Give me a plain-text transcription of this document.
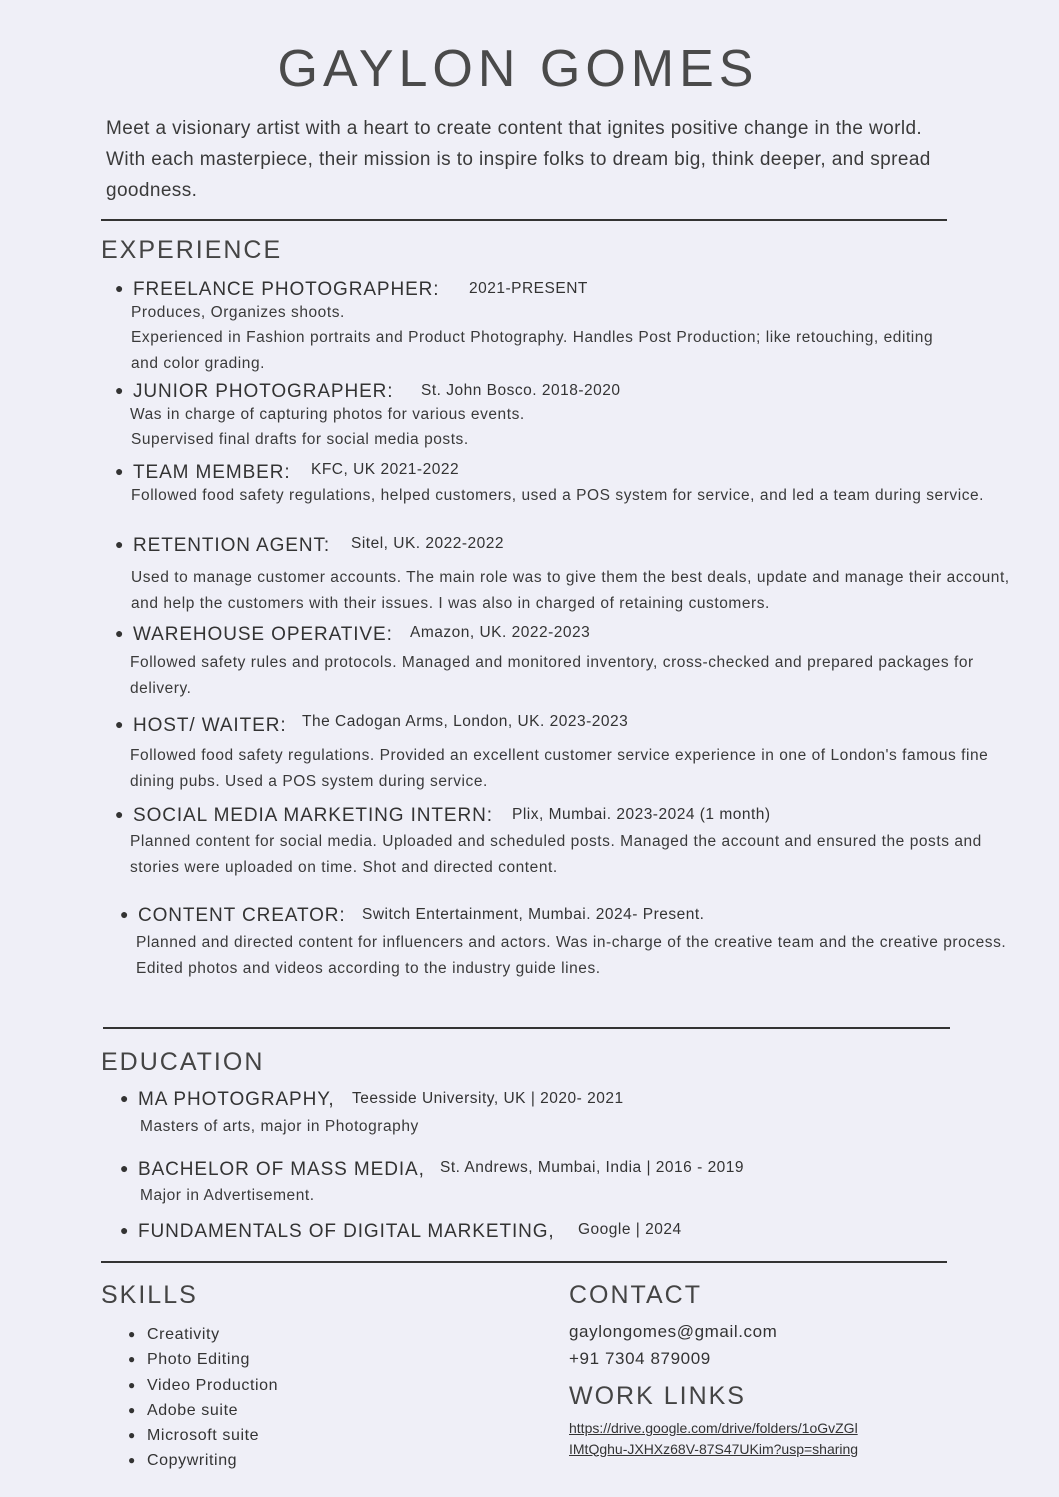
GAYLON GOMES
Meet a visionary artist with a heart to create content that ignites positive change in the world. With each masterpiece, their mission is to inspire folks to dream big, think deeper, and spread goodness.
EXPERIENCE
● FREELANCE PHOTOGRAPHER: 2021-PRESENT
Produces, Organizes shoots.
Experienced in Fashion portraits and Product Photography. Handles Post Production; like retouching, editing and color grading.
● JUNIOR PHOTOGRAPHER: St. John Bosco. 2018-2020
Was in charge of capturing photos for various events.
Supervised final drafts for social media posts.
● TEAM MEMBER: KFC, UK 2021-2022
Followed food safety regulations, helped customers, used a POS system for service, and led a team during service.
● RETENTION AGENT: Sitel, UK. 2022-2022
Used to manage customer accounts. The main role was to give them the best deals, update and manage their account, and help the customers with their issues. I was also in charged of retaining customers.
● WAREHOUSE OPERATIVE: Amazon, UK. 2022-2023
Followed safety rules and protocols. Managed and monitored inventory, cross-checked and prepared packages for delivery.
● HOST/ WAITER: The Cadogan Arms, London, UK. 2023-2023
Followed food safety regulations. Provided an excellent customer service experience in one of London's famous fine dining pubs. Used a POS system during service.
● SOCIAL MEDIA MARKETING INTERN: Plix, Mumbai. 2023-2024 (1 month)
Planned content for social media. Uploaded and scheduled posts. Managed the account and ensured the posts and stories were uploaded on time. Shot and directed content.
● CONTENT CREATOR: Switch Entertainment, Mumbai. 2024- Present.
Planned and directed content for influencers and actors. Was in-charge of the creative team and the creative process. Edited photos and videos according to the industry guide lines.
EDUCATION
● MA PHOTOGRAPHY, Teesside University, UK | 2020- 2021
Masters of arts, major in Photography
● BACHELOR OF MASS MEDIA, St. Andrews, Mumbai, India | 2016 - 2019
Major in Advertisement.
● FUNDAMENTALS OF DIGITAL MARKETING, Google | 2024
SKILLS
● Creativity
● Photo Editing
● Video Production
● Adobe suite
● Microsoft suite
● Copywriting
CONTACT
gaylongomes@gmail.com
+91 7304 879009
WORK LINKS
https://drive.google.com/drive/folders/1oGvZGlIMtQghu-JXHXz68V-87S47UKim?usp=sharing
